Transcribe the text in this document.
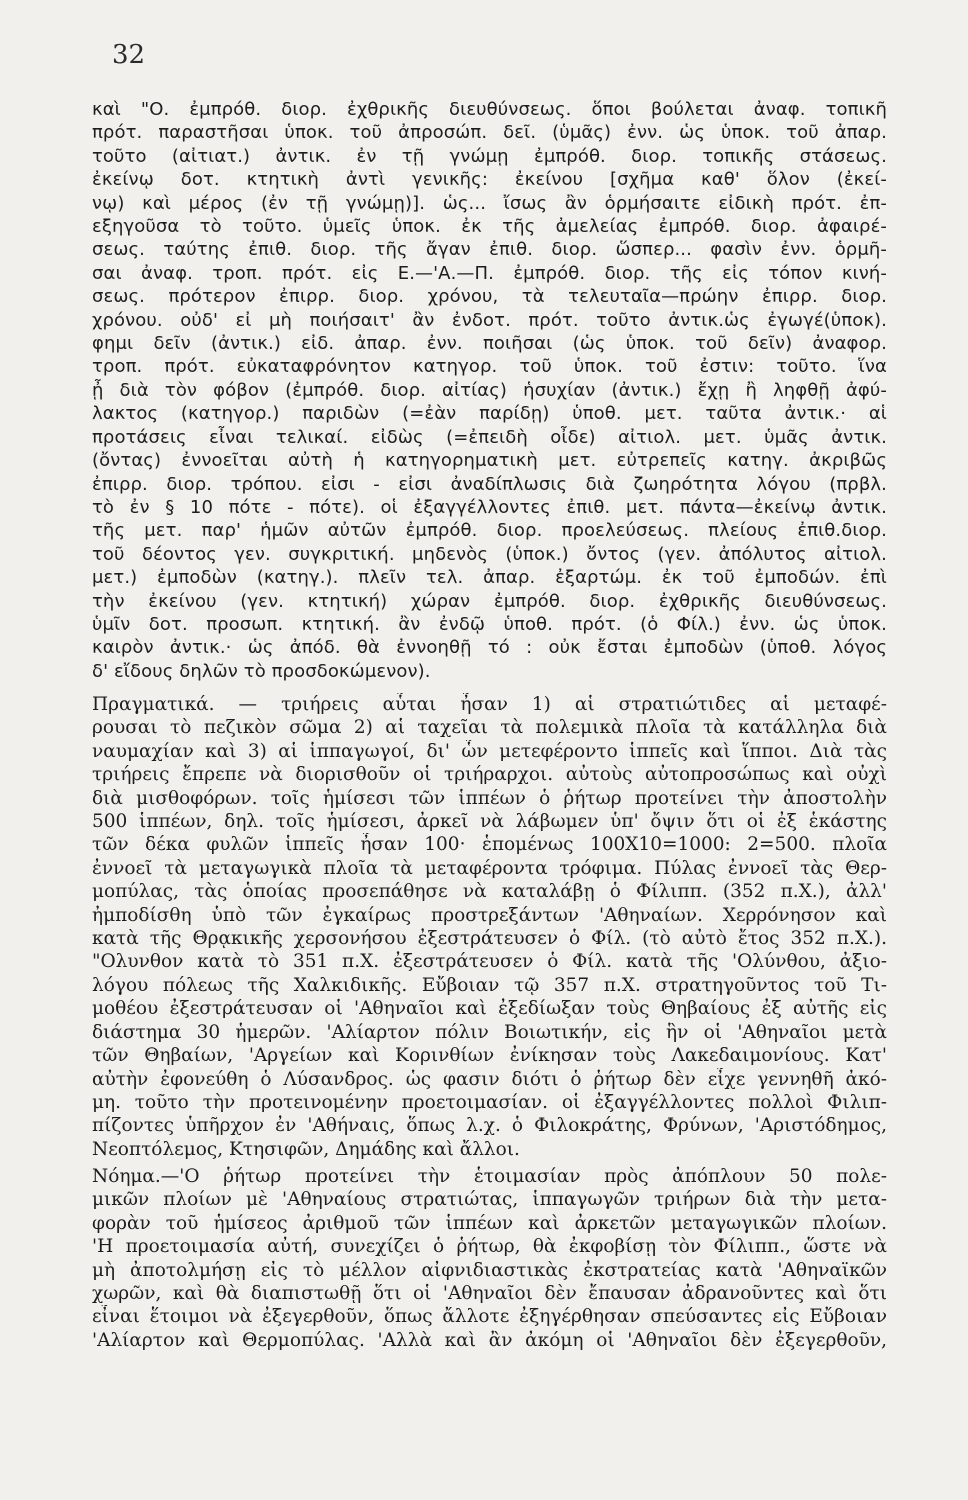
32
καὶ "Ο. ἐμπρόθ. διορ. ἐχθρικῆς διευθύνσεως. ὅποι βούλεται ἀναφ. τοπικῆ
πρότ. παραστῆσαι ὑποκ. τοῦ ἀπροσώπ. δεῖ. (ὑμᾶς) ἐνν. ὡς ὑποκ. τοῦ ἀπαρ.
τοῦτο (αἰτιατ.) ἀντικ. ἐν τῇ γνώμῃ ἐμπρόθ. διορ. τοπικῆς στάσεως.
ἐκείνῳ δοτ. κτητικὴ ἀντὶ γενικῆς: ἐκείνου [σχῆμα καθ' ὅλον (ἐκεί-
νῳ) καὶ μέρος (ἐν τῇ γνώμῃ)]. ὡς... ἴσως ἂν ὁρμήσαιτε εἰδικὴ πρότ. ἐπ-
εξηγοῦσα τὸ τοῦτο. ὑμεῖς ὑποκ. ἐκ τῆς ἀμελείας ἐμπρόθ. διορ. ἀφαιρέ-
σεως. ταύτης ἐπιθ. διορ. τῆς ἄγαν ἐπιθ. διορ. ὥσπερ... φασὶν ἐνν. ὁρμῆ-
σαι ἀναφ. τροπ. πρότ. εἰς Ε.—'Α.—Π. ἐμπρόθ. διορ. τῆς εἰς τόπον κινή-
σεως. πρότερον ἐπιρρ. διορ. χρόνου, τὰ τελευταῖα—πρώην ἐπιρρ. διορ.
χρόνου. οὐδ' εἰ μὴ ποιήσαιτ' ἂν ἐνδοτ. πρότ. τοῦτο ἀντικ.ὡς ἐγωγέ(ὑποκ).
φημι δεῖν (ἀντικ.) εἰδ. ἀπαρ. ἐνν. ποιῆσαι (ὡς ὑποκ. τοῦ δεῖν) ἀναφορ.
τροπ. πρότ. εὐκαταφρόνητον κατηγορ. τοῦ ὑποκ. τοῦ ἐστιν: τοῦτο. ἵνα
ᾖ διὰ τὸν φόβον (ἐμπρόθ. διορ. αἰτίας) ἡσυχίαν (ἀντικ.) ἔχῃ ἢ ληφθῇ ἀφύ-
λακτος (κατηγορ.) παριδὼν (=ἐὰν παρίδῃ) ὑποθ. μετ. ταῦτα ἀντικ.· αἱ
προτάσεις εἶναι τελικαί. εἰδὼς (=ἐπειδὴ οἶδε) αἰτιολ. μετ. ὑμᾶς ἀντικ.
(ὄντας) ἐννοεῖται αὐτὴ ἡ κατηγορηματικὴ μετ. εὐτρεπεῖς κατηγ. ἀκριβῶς
ἐπιρρ. διορ. τρόπου. εἰσι - εἰσι ἀναδίπλωσις διὰ ζωηρότητα λόγου (πρβλ.
τὸ ἐν § 10 πότε - πότε). οἱ ἐξαγγέλλοντες ἐπιθ. μετ. πάντα—ἐκείνῳ ἀντικ.
τῆς μετ. παρ' ἡμῶν αὐτῶν ἐμπρόθ. διορ. προελεύσεως. πλείους ἐπιθ.διορ.
τοῦ δέοντος γεν. συγκριτική. μηδενὸς (ὑποκ.) ὄντος (γεν. ἀπόλυτος αἰτιολ.
μετ.) ἐμποδὼν (κατηγ.). πλεῖν τελ. ἀπαρ. ἐξαρτώμ. ἐκ τοῦ ἐμποδών. ἐπὶ
τὴν ἐκείνου (γεν. κτητική) χώραν ἐμπρόθ. διορ. ἐχθρικῆς διευθύνσεως.
ὑμῖν δοτ. προσωπ. κτητική. ἂν ἐνδῷ ὑποθ. πρότ. (ὁ Φίλ.) ἐνν. ὡς ὑποκ.
καιρὸν ἀντικ.· ὡς ἀπόδ. θὰ ἐννοηθῇ τό : οὐκ ἔσται ἐμποδὼν (ὑποθ. λόγος
δ' εἴδους δηλῶν τὸ προσδοκώμενον).
Πραγματικά. — τριήρεις αὗται ἦσαν 1) αἱ στρατιώτιδες αἱ μεταφέ-
ρουσαι τὸ πεζικὸν σῶμα 2) αἱ ταχεῖαι τὰ πολεμικὰ πλοῖα τὰ κατάλληλα διὰ
ναυμαχίαν καὶ 3) αἱ ἱππαγωγοί, δι' ὧν μετεφέροντο ἱππεῖς καὶ ἵπποι. Διὰ τὰς
τριήρεις ἔπρεπε νὰ διορισθοῦν οἱ τριήραρχοι. αὐτοὺς αὐτοπροσώπως καὶ οὐχὶ
διὰ μισθοφόρων. τοῖς ἡμίσεσι τῶν ἱππέων ὁ ῥήτωρ προτείνει τὴν ἀποστολὴν
500 ἱππέων, δηλ. τοῖς ἡμίσεσι, ἀρκεῖ νὰ λάβωμεν ὑπ' ὄψιν ὅτι οἱ ἐξ ἑκάστης
τῶν δέκα φυλῶν ἱππεῖς ἦσαν 100· ἑπομένως 100Χ10=1000: 2=500. πλοῖα
ἐννοεῖ τὰ μεταγωγικὰ πλοῖα τὰ μεταφέροντα τρόφιμα. Πύλας ἐννοεῖ τὰς Θερ-
μοπύλας, τὰς ὁποίας προσεπάθησε νὰ καταλάβῃ ὁ Φίλιππ. (352 π.Χ.), ἀλλ'
ἠμποδίσθη ὑπὸ τῶν ἐγκαίρως προστρεξάντων 'Αθηναίων. Χερρόνησον καὶ
κατὰ τῆς Θρᾳκικῆς χερσονήσου ἐξεστράτευσεν ὁ Φίλ. (τὸ αὐτὸ ἔτος 352 π.Χ.).
"Ολυνθον κατὰ τὸ 351 π.Χ. ἐξεστράτευσεν ὁ Φίλ. κατὰ τῆς 'Ολύνθου, ἀξιο-
λόγου πόλεως τῆς Χαλκιδικῆς. Εὔβοιαν τῷ 357 π.Χ. στρατηγοῦντος τοῦ Τι-
μοθέου ἐξεστράτευσαν οἱ 'Αθηναῖοι καὶ ἐξεδίωξαν τοὺς Θηβαίους ἐξ αὐτῆς εἰς
διάστημα 30 ἡμερῶν. 'Αλίαρτον πόλιν Βοιωτικήν, εἰς ἣν οἱ 'Αθηναῖοι μετὰ
τῶν Θηβαίων, 'Αργείων καὶ Κορινθίων ἐνίκησαν τοὺς Λακεδαιμονίους. Κατ'
αὐτὴν ἐφονεύθη ὁ Λύσανδρος. ὡς φασιν διότι ὁ ῥήτωρ δὲν εἶχε γεννηθῆ ἀκό-
μη. τοῦτο τὴν προτεινομένην προετοιμασίαν. οἱ ἐξαγγέλλοντες πολλοὶ Φιλιπ-
πίζοντες ὑπῆρχον ἐν 'Αθήναις, ὅπως λ.χ. ὁ Φιλοκράτης, Φρύνων, 'Αριστόδημος,
Νεοπτόλεμος, Κτησιφῶν, Δημάδης καὶ ἄλλοι.
Νόημα.—'Ο ῥήτωρ προτείνει τὴν ἑτοιμασίαν πρὸς ἀπόπλουν 50 πολε-
μικῶν πλοίων μὲ 'Αθηναίους στρατιώτας, ἱππαγωγῶν τριήρων διὰ τὴν μετα-
φορὰν τοῦ ἡμίσεος ἀριθμοῦ τῶν ἱππέων καὶ ἀρκετῶν μεταγωγικῶν πλοίων.
'Η προετοιμασία αὐτή, συνεχίζει ὁ ῥήτωρ, θὰ ἐκφοβίσῃ τὸν Φίλιππ., ὥστε νὰ
μὴ ἀποτολμήσῃ εἰς τὸ μέλλον αἰφνιδιαστικὰς ἐκστρατείας κατὰ 'Αθηναϊκῶν
χωρῶν, καὶ θὰ διαπιστωθῇ ὅτι οἱ 'Αθηναῖοι δὲν ἔπαυσαν ἀδρανοῦντες καὶ ὅτι
εἶναι ἕτοιμοι νὰ ἐξεγερθοῦν, ὅπως ἄλλοτε ἐξηγέρθησαν σπεύσαντες εἰς Εὔβοιαν
'Αλίαρτον καὶ Θερμοπύλας. 'Αλλὰ καὶ ἂν ἀκόμη οἱ 'Αθηναῖοι δὲν ἐξεγερθοῦν,
